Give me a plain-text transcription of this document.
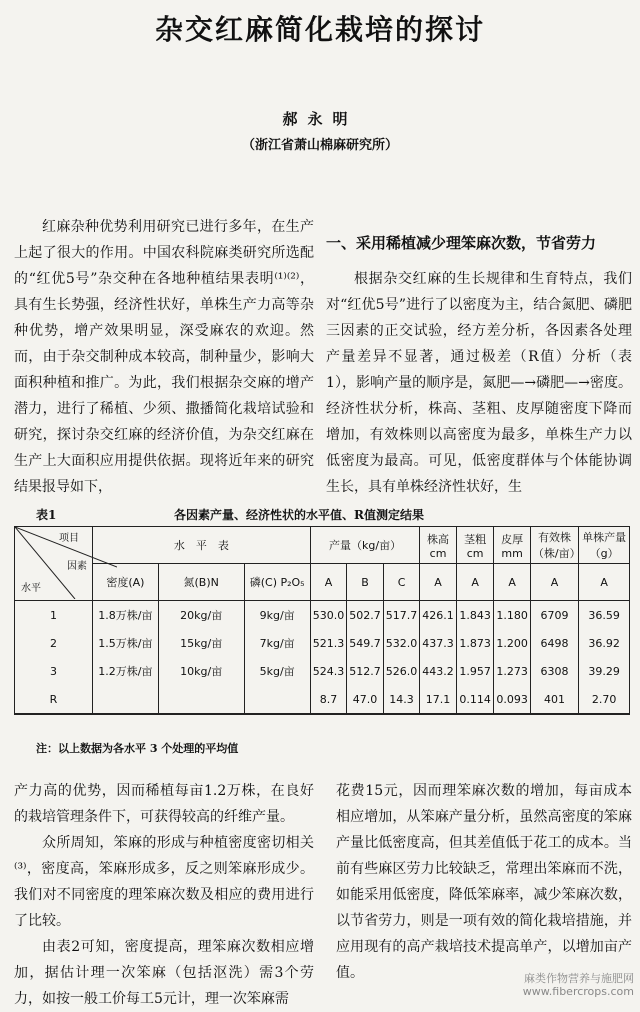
杂交红麻简化栽培的探讨
郝永明
（浙江省萧山棉麻研究所）

红麻杂种优势利用研究已进行多年，在生产上起了很大的作用。中国农科院麻类研究所选配的“红优5号”杂交种在各地种植结果表明⁽¹⁾⁽²⁾，具有生长势强，经济性状好，单株生产力高等杂种优势，增产效果明显，深受麻农的欢迎。然而，由于杂交制种成本较高，制种量少，影响大面积种植和推广。为此，我们根据杂交麻的增产潜力，进行了稀植、少须、撒播简化栽培试验和研究，探讨杂交红麻的经济价值，为杂交红麻在生产上大面积应用提供依据。现将近年来的研究结果报导如下，

一、采用稀植减少理笨麻次数，节省劳力

根据杂交红麻的生长规律和生育特点，我们对“红优5号”进行了以密度为主，结合氮肥、磷肥三因素的正交试验，经方差分析，各因素各处理产量差异不显著，通过极差（R值）分析（表1），影响产量的顺序是，氮肥—→磷肥—→密度。经济性状分析，株高、茎粗、皮厚随密度下降而增加，有效株则以高密度为最多，单株生产力以低密度为最高。可见，低密度群体与个体能协调生长，具有单株经济性状好，生

表1	各因素产量、经济性状的水平值、R值测定结果
项目
因素
水平	水　平　表			产量（kg/亩）			株高 cm	茎粗 cm	皮厚 mm	有效株（株/亩）	单株产量（g）
	密度(A)	氮(B)N	磷(C) P₂O₅	A	B	C	A	A	A	A	A
1	1.8万株/亩	20kg/亩	9kg/亩	530.0	502.7	517.7	426.1	1.843	1.180	6709	36.59
2	1.5万株/亩	15kg/亩	7kg/亩	521.3	549.7	532.0	437.3	1.873	1.200	6498	36.92
3	1.2万株/亩	10kg/亩	5kg/亩	524.3	512.7	526.0	443.2	1.957	1.273	6308	39.29
R				8.7	47.0	14.3	17.1	0.114	0.093	401	2.70
注：以上数据为各水平 3 个处理的平均值

产力高的优势，因而稀植每亩1.2万株，在良好的栽培管理条件下，可获得较高的纤维产量。

众所周知，笨麻的形成与种植密度密切相关⁽³⁾，密度高，笨麻形成多，反之则笨麻形成少。我们对不同密度的理笨麻次数及相应的费用进行了比较。

由表2可知，密度提高，理笨麻次数相应增加，据估计理一次笨麻（包括沤洗）需3个劳力，如按一般工价每工5元计，理一次笨麻需

花费15元，因而理笨麻次数的增加，每亩成本相应增加，从笨麻产量分析，虽然高密度的笨麻产量比低密度高，但其差值低于花工的成本。当前有些麻区劳力比较缺乏，常理出笨麻而不洗，如能采用低密度，降低笨麻率，减少笨麻次数，以节省劳力，则是一项有效的简化栽培措施，并应用现有的高产栽培技术提高单产，以增加亩产值。	麻类作物营养与施肥网
www.fibercrops.com
